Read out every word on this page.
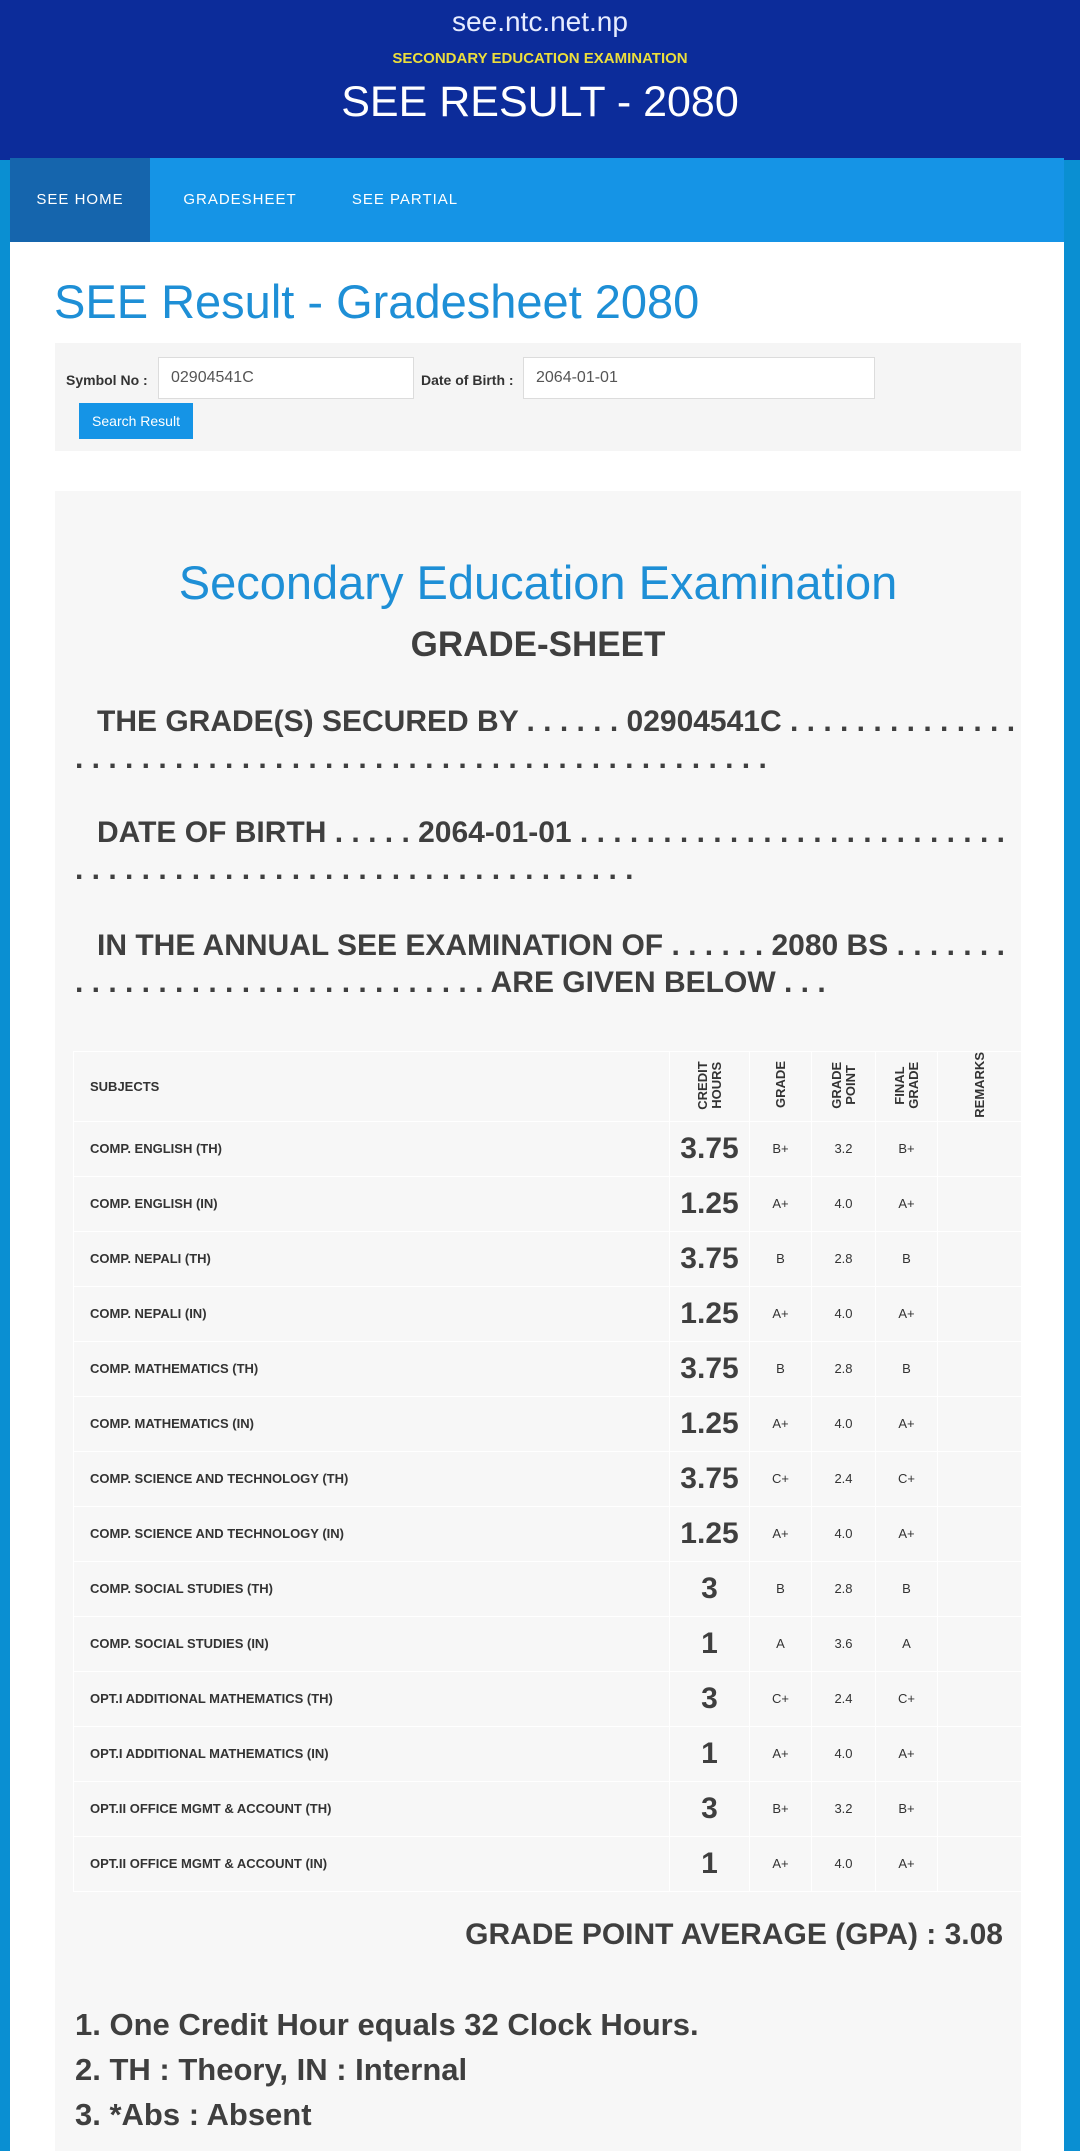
see.ntc.net.np
SECONDARY EDUCATION EXAMINATION
SEE RESULT - 2080
SEE HOME	GRADESHEET	SEE PARTIAL
SEE Result - Gradesheet 2080
Symbol No :	02904541C	Date of Birth :	2064-01-01
Search Result
Secondary Education Examination
GRADE-SHEET
THE GRADE(S) SECURED BY . . . . . . 02904541C . . . . . . . . . . . . . . . . . . . . . . . . . . . . . . . . . . . . . . . . . . . . . . . . . . . . . . . .
DATE OF BIRTH . . . . . 2064-01-01 . . . . . . . . . . . . . . . . . . . . . . . . . . . . . . . . . . . . . . . . . . . . . . . . . . . . . . . . . . . .
IN THE ANNUAL SEE EXAMINATION OF . . . . . . 2080 BS . . . . . . . . . . . . . . . . . . . . . . . . . . . . . . . . ARE GIVEN BELOW . . .
SUBJECTS	CREDIT HOURS	GRADE	GRADE POINT	FINAL GRADE	REMARKS
COMP. ENGLISH (TH)	3.75	B+	3.2	B+	
COMP. ENGLISH (IN)	1.25	A+	4.0	A+	
COMP. NEPALI (TH)	3.75	B	2.8	B	
COMP. NEPALI (IN)	1.25	A+	4.0	A+	
COMP. MATHEMATICS (TH)	3.75	B	2.8	B	
COMP. MATHEMATICS (IN)	1.25	A+	4.0	A+	
COMP. SCIENCE AND TECHNOLOGY (TH)	3.75	C+	2.4	C+	
COMP. SCIENCE AND TECHNOLOGY (IN)	1.25	A+	4.0	A+	
COMP. SOCIAL STUDIES (TH)	3	B	2.8	B	
COMP. SOCIAL STUDIES (IN)	1	A	3.6	A	
OPT.I ADDITIONAL MATHEMATICS (TH)	3	C+	2.4	C+	
OPT.I ADDITIONAL MATHEMATICS (IN)	1	A+	4.0	A+	
OPT.II OFFICE MGMT & ACCOUNT (TH)	3	B+	3.2	B+	
OPT.II OFFICE MGMT & ACCOUNT (IN)	1	A+	4.0	A+	
GRADE POINT AVERAGE (GPA) : 3.08
1. One Credit Hour equals 32 Clock Hours.
2. TH : Theory, IN : Internal
3. *Abs : Absent
